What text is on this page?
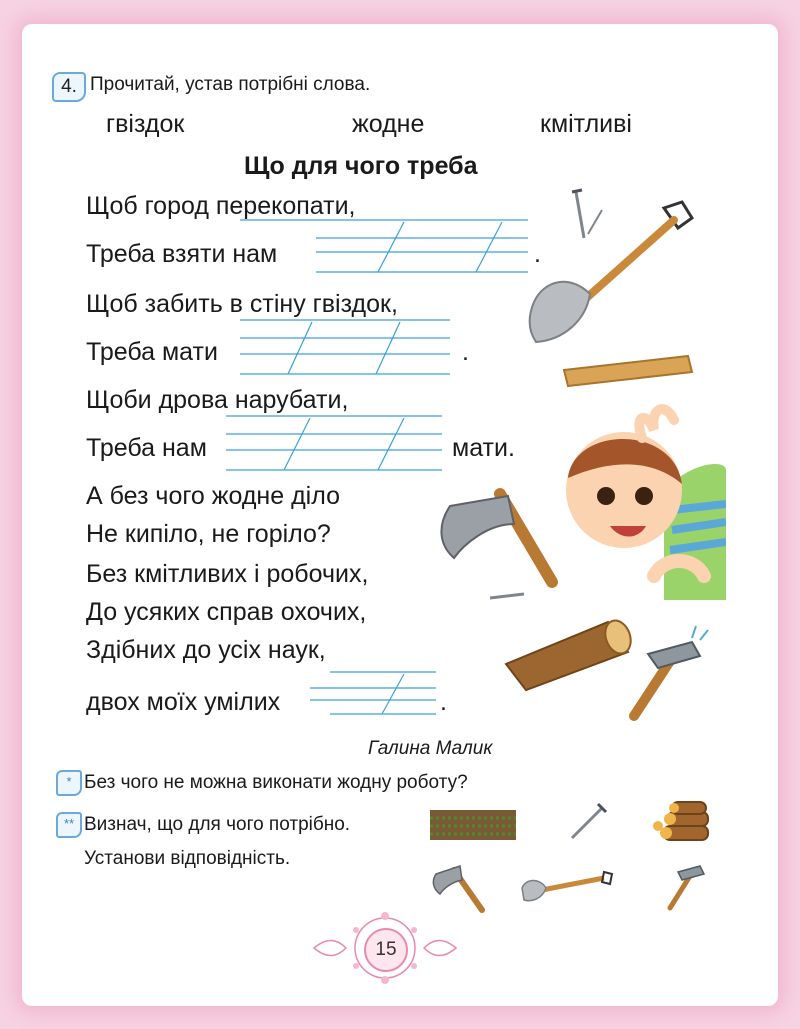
4. Прочитай, устав потрібні слова.
гвіздок	жодне	кмітливі
Що для чого треба
Щоб город перекопати,
Треба взяти нам	.
Щоб забить в стіну гвіздок,
Треба мати	.
Щоби дрова нарубати,
Треба нам	мати.
А без чого жодне діло
Не кипіло, не горіло?
Без кмітливих і робочих,
До усяких справ охочих,
Здібних до усіх наук,
двох моїх умілих	.
Галина Малик
* Без чого не можна виконати жодну роботу?
** Визнач, що для чого потрібно.
Установи відповідність.
15
